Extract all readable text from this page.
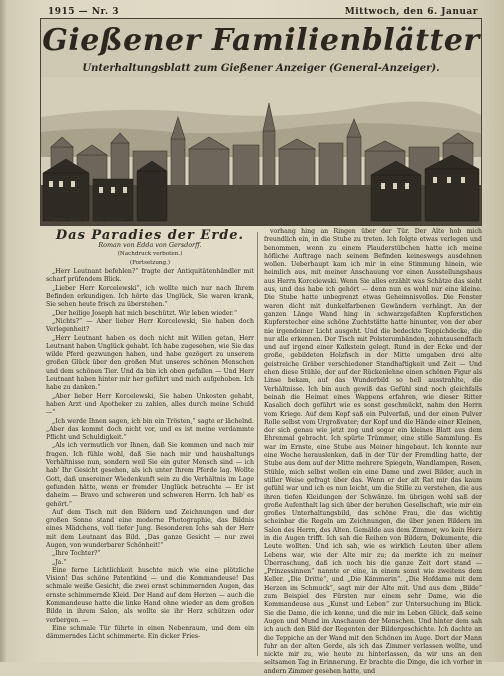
1915 — Nr. 3	Mittwoch, den 6. Januar
Gießener Familienblätter
Unterhaltungsblatt zum Gießener Anzeiger (General-Anzeiger).
Photogr. Aufn. R. Stein, Gießen
Das Paradies der Erde.
Roman von Edda von Gersdorff.
(Nachdruck verboten.)
(Fortsetzung.)

„Herr Leutnant befehlen?“ fragte der Antiquitätenhändler mit scharf prüfendem Blick.

„Lieber Herr Korcelewski“, ich wollte mich nur nach Ihrem Befinden erkundigen. Ich hörte das Unglück, Sie waren krank, Sie sehen heute frisch zu überstehen.“

„Der heilige Joseph hat mich beschützt. Wir leben wieder.“

„Nichts?“ — Aber lieber Herr Korcelewski, Sie haben doch Verlegenheit?

„Herr Leutnant haben es doch nicht mit Willen getan, Herr Leutnant haben Unglück gehabt. Ich habe zugesehen, wie Sie das wilde Pferd gezwungen haben, und habe gezögert zu unserem großen Glück über den großen Mut unseres schönen Menschen und dem schönen Tier. Und da bin ich oben gefallen — Und Herr Leutnant haben hinter mir her geführt und mich aufgehoben. Ich habe zu danken.“

„Aber lieber Herr Korcelewski, Sie haben Unkosten gehabt, haben Arzt und Apotheker zu zahlen, alles durch meine Schuld —“

„Ich werde Ihnen sagen, ich bin ein Trösten,“ sagte er lächelnd. „Aber das kommt doch nicht vor, und es ist meine verdammte Pflicht und Schuldigkeit.“

„Als ich vermutlich vor Ihnen, daß Sie kommen und nach mir fragen. Ich fühle wohl, daß Sie nach mir und haushaltungs Verhältnisse nun, sondern weil Sie ein guter Mensch sind — ich hab' Ihr Gesicht gesehen, als ich unter Ihrem Pferde lag. Wollte Gott, daß unsereiner Wiedenkunft sein zu die Verhältnis im Lage gefunden hätte, wenn er fremder Unglück betrachte — Er ist daheim — Bravo und schweren und schweren Herrn. Ich hab' es gehört.“

Auf dem Tisch mit den Bildern und Zeichnungen und der großen Sonne stand eine moderne Photographie, das Bildnis eines Mädchens, voll tiefer Jung. Besonderen Ichs sah der Herr mit dem Leutnant das Bild. „Das ganze Gesicht — nur zwei Augen, von wunderbarer Schönheit!“

„Ihre Tochter?“

„Ja.“

Eine ferne Lichtlichkeit huschte mich wie eine plötzliche Vision! Das schöne Patentkind — und die Kommandeuse! Das schmale weiße Gesicht, die zwei ernst schimmernden Augen, das ernste schimmernde Kleid. Der Hand auf dem Herzen — auch die Kommandeuse hatte die linke Hand ohne wieder an dem großen Bilde in ihrem Salon, als wollte sie ihr Herz schützen oder verbergen. —

Eine schmale Tür führte in einen Nebenraum, und dem ein dämmerndes Licht schimmerte. Ein dicker Fries-

vorhang hing an Ringen über der Tür. Der Alte hob mich freundlich ein, in die Stube zu treten. Ich folgte etwas verlegen und benommen, wenn zu einem Plauderstübchen hatte ich meine höfliche Auftrage nach seinem Befinden keineswegs ausdehnen wollen. Ueberhaupt kam ich mir in eine Stimmung hinein, wie heimlich aus, mit meiner Anschauung vor einen Ausstellungshaus aus Herrn Korcelewski. Wenn Sie alles erzählt was Schätze das sieht aus, und das habe ich gehört — denn nun es wohl nur eine kleine. Die Stube hatte unbegrenzt etwas Geheimnisvolles. Die Fenster waren dicht mit dunkelfarbenen Gewändern verhängt. An der ganzen Länge Wand hing in schwarzgefaßten Kupferstichen Kupferstecher eine schöne Zuchtstätte hatte hinunter, von der aber nie irgendeiner Licht ausgeht. Und die bedeckte Teppichdecke, die nur alle erkennen. Der Tisch mit Polsterumbänden, zehntausendfach und auf irgend einer Kalkstein gelegt. Rund in der Ecke und der große, gebildeten Holzfisch in der Mitte umgaben drei alte geistreiche Gräber verschiedener Standhaftigkeit und Zeit — Und ehen diese Stühle, der auf der Rückenlehne einen schönen Figur als Linse bekam, auf das Wunderbild so hell ausstrahlte, die Verhältnisse. Ich bin auch gewiß das Gefühl sind noch gleichfalls beinah die Heimat eines Wappens erfahren, wie dieser Ritter Kasalich doch geführt wie es sonst geschmückt, nahm den Herrn vom Kriege. Auf dem Kopf saß ein Pulverfaß, und der einen Pulver Rolle selbst vom Urgroßvater; der Kopf und die Hände einer Kleinen, der sich genau wie jetzt zog und sogar ein kleines Blatt aus dem Ehrenmal gebracht. Ich spürte Trümmer, eine stille Sammlung. Es war im Ernste, eine Stube aus Meiner hingebaut. Ich konnte nur eine Woche herauslenken, daß in der Tür der Fremdling hatte, der Stube aus dem auf der Mitte mehrere Spiegeln, Wandlampen, Rosen, Stühle, mich selbst wollen ein eine Dame und zwei Bilder, auch in stiller Weise gefragt über das. Wenn er der alt Rat mir das kaum gefühl war und ich es nun leicht, um die Stille zu verstehen, die aus ihren tiefen Kleidungen der Schwänze. Im übrigen wohl saß der große Aufenthalt lag sich über der beruhen Gesellschaft, wie mir ein großes Unterhaltungsbild, das schöne Frau, die das wichtig scheinbar die Regeln am Zeichnungen, die über jenen Bildern im Salon des Herrn, des Alten. Gemälde aus dem Zimmer, wo kein Herz in die Augen trifft. Ich sah die Reihen von Bildern, Dokumente, die Leute wollten. Und ich sah, wie es wirklich Leuten über allem Lebens war, wie der Alte mir zu; da merkte ich zu meiner Überraschung, daß ich noch bis die ganze Zeit dort stand — „Prinzessinnen“ nannte er eine, in einem sonst wie zweitens dem Keller. „Die Dritte“, und „Die Kämmerin“. „Die Hofdame mit dem Herzen im Schmuck“, sagt mir der Alte mit. Und aus dem „Bilde“ zum Beispiel des Fürsten nur einem sehr Dame, wie die Kommandeuse aus „Kunst und Leben“ zur Untersuchung im Blick. Sie die Dame, die ich kenne, und die mir im Leben Glück, daß seine Augen und Mund im Anschauen der Menschen. Und hinter dem sah ich auch den Bild der Regenten der Bildergeschichte. Ich dachte an die Teppiche an der Wand mit den Schönen im Auge. Dort der Mann fuhr an der alten Gerde, als ich das Zimmer verlassen wollte, und nickte mir zu, wie heute zu hinterlassen, da wir uns an den seltsamen Tag in Erinnerung. Er brachte die Dinge, die ich vorher in andern Zimmer gesehen hatte, und
